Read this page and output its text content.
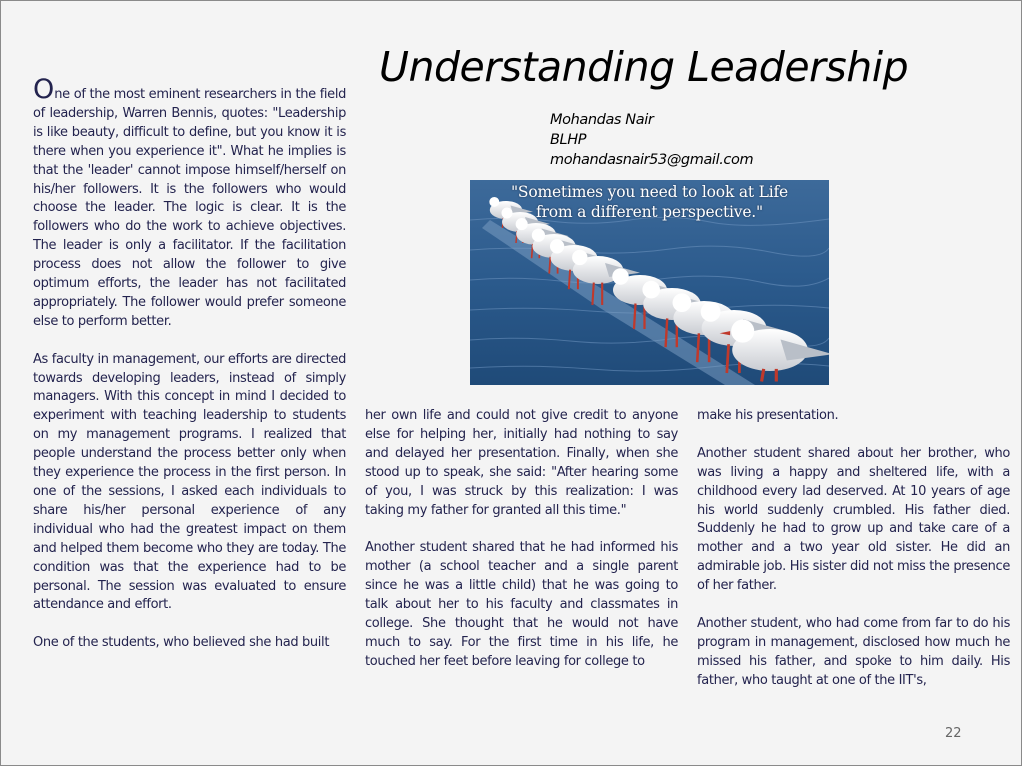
Understanding Leadership
Mohandas Nair
BLHP
mohandasnair53@gmail.com
"Sometimes you need to look at Life
from a different perspective."

One of the most eminent researchers in the field of leadership, Warren Bennis, quotes: "Leadership is like beauty, difficult to define, but you know it is there when you experience it". What he implies is that the 'leader' cannot impose himself/herself on his/her followers. It is the followers who would choose the leader. The logic is clear. It is the followers who do the work to achieve objectives. The leader is only a facilitator. If the facilitation process does not allow the follower to give optimum efforts, the leader has not facilitated appropriately. The follower would prefer someone else to perform better.

As faculty in management, our efforts are directed towards developing leaders, instead of simply managers. With this concept in mind I decided to experiment with teaching leadership to students on my management programs. I realized that people understand the process better only when they experience the process in the first person. In one of the sessions, I asked each individuals to share his/her personal experience of any individual who had the greatest impact on them and helped them become who they are today. The condition was that the experience had to be personal. The session was evaluated to ensure attendance and effort.

One of the students, who believed she had built

her own life and could not give credit to anyone else for helping her, initially had nothing to say and delayed her presentation. Finally, when she stood up to speak, she said: "After hearing some of you, I was struck by this realization: I was taking my father for granted all this time."

Another student shared that he had informed his mother (a school teacher and a single parent since he was a little child) that he was going to talk about her to his faculty and classmates in college. She thought that he would not have much to say. For the first time in his life, he touched her feet before leaving for college to

make his presentation.

Another student shared about her brother, who was living a happy and sheltered life, with a childhood every lad deserved. At 10 years of age his world suddenly crumbled. His father died. Suddenly he had to grow up and take care of a mother and a two year old sister. He did an admirable job. His sister did not miss the presence of her father.

Another student, who had come from far to do his program in management, disclosed how much he missed his father, and spoke to him daily. His father, who taught at one of the IIT's,

22
